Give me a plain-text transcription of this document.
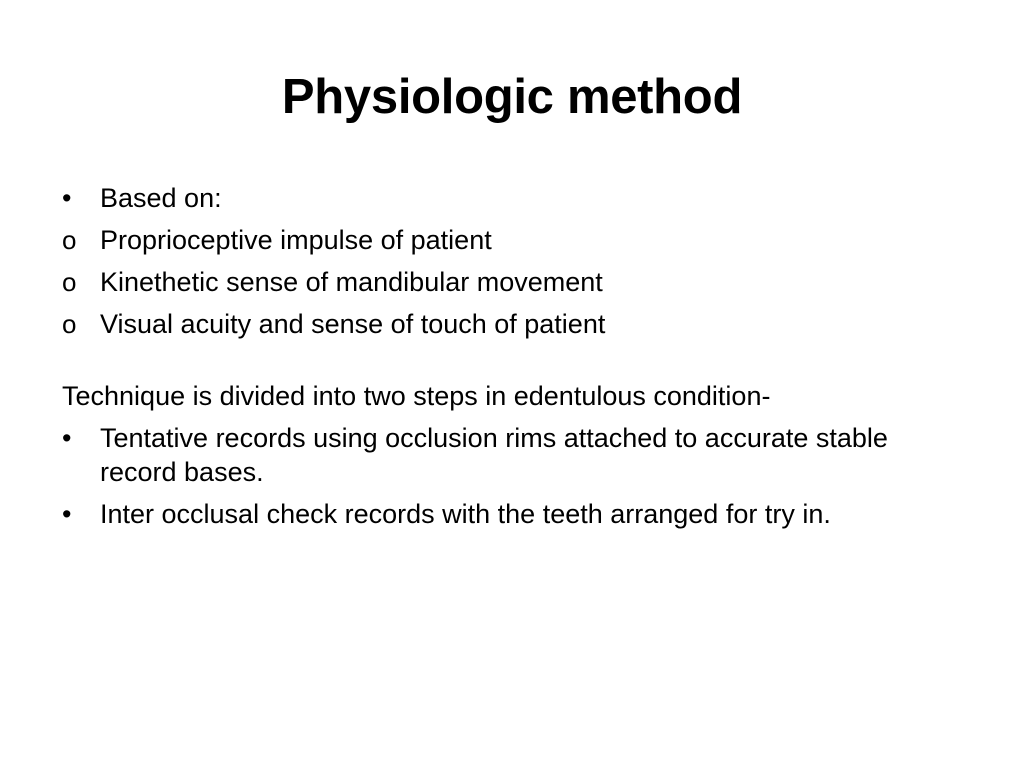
Physiologic method
•	Based on:
o Proprioceptive impulse of patient
o Kinethetic sense of mandibular movement
o Visual acuity and sense of touch of patient
Technique is divided into two steps in edentulous condition-
•	Tentative records using occlusion rims attached to accurate stable record bases.
•	Inter occlusal check records with the teeth arranged for try in.
